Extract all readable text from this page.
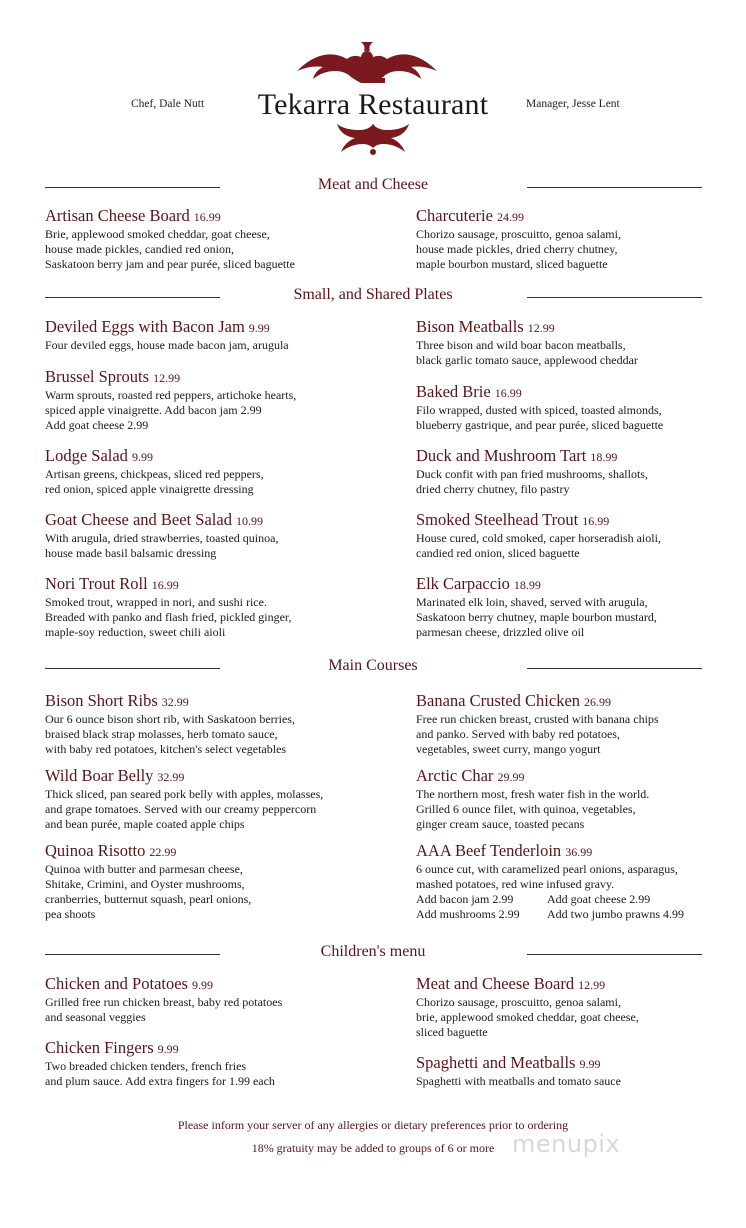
Chef, Dale Nutt	Tekarra Restaurant	Manager, Jesse Lent
Meat and Cheese
Artisan Cheese Board 16.99
Brie, applewood smoked cheddar, goat cheese,
house made pickles, candied red onion,
Saskatoon berry jam and pear purée, sliced baguette
Charcuterie 24.99
Chorizo sausage, proscuitto, genoa salami,
house made pickles, dried cherry chutney,
maple bourbon mustard, sliced baguette
Small, and Shared Plates
Deviled Eggs with Bacon Jam 9.99
Four deviled eggs, house made bacon jam, arugula
Bison Meatballs 12.99
Three bison and wild boar bacon meatballs,
black garlic tomato sauce, applewood cheddar
Brussel Sprouts 12.99
Warm sprouts, roasted red peppers, artichoke hearts,
spiced apple vinaigrette. Add bacon jam 2.99
Add goat cheese 2.99
Baked Brie 16.99
Filo wrapped, dusted with spiced, toasted almonds,
blueberry gastrique, and pear purée, sliced baguette
Lodge Salad 9.99
Artisan greens, chickpeas, sliced red peppers,
red onion, spiced apple vinaigrette dressing
Duck and Mushroom Tart 18.99
Duck confit with pan fried mushrooms, shallots,
dried cherry chutney, filo pastry
Goat Cheese and Beet Salad 10.99
With arugula, dried strawberries, toasted quinoa,
house made basil balsamic dressing
Smoked Steelhead Trout 16.99
House cured, cold smoked, caper horseradish aioli,
candied red onion, sliced baguette
Nori Trout Roll 16.99
Smoked trout, wrapped in nori, and sushi rice.
Breaded with panko and flash fried, pickled ginger,
maple-soy reduction, sweet chili aioli
Elk Carpaccio 18.99
Marinated elk loin, shaved, served with arugula,
Saskatoon berry chutney, maple bourbon mustard,
parmesan cheese, drizzled olive oil
Main Courses
Bison Short Ribs 32.99
Our 6 ounce bison short rib, with Saskatoon berries,
braised black strap molasses, herb tomato sauce,
with baby red potatoes, kitchen's select vegetables
Banana Crusted Chicken 26.99
Free run chicken breast, crusted with banana chips
and panko. Served with baby red potatoes,
vegetables, sweet curry, mango yogurt
Wild Boar Belly 32.99
Thick sliced, pan seared pork belly with apples, molasses,
and grape tomatoes. Served with our creamy peppercorn
and bean purée, maple coated apple chips
Arctic Char 29.99
The northern most, fresh water fish in the world.
Grilled 6 ounce filet, with quinoa, vegetables,
ginger cream sauce, toasted pecans
Quinoa Risotto 22.99
Quinoa with butter and parmesan cheese,
Shitake, Crimini, and Oyster mushrooms,
cranberries, butternut squash, pearl onions,
pea shoots
AAA Beef Tenderloin 36.99
6 ounce cut, with caramelized pearl onions, asparagus,
mashed potatoes, red wine infused gravy.
Add bacon jam 2.99	Add goat cheese 2.99
Add mushrooms 2.99 Add two jumbo prawns 4.99
Children's menu
Chicken and Potatoes 9.99
Grilled free run chicken breast, baby red potatoes
and seasonal veggies
Meat and Cheese Board 12.99
Chorizo sausage, proscuitto, genoa salami,
brie, applewood smoked cheddar, goat cheese,
sliced baguette
Chicken Fingers 9.99
Two breaded chicken tenders, french fries
and plum sauce. Add extra fingers for 1.99 each
Spaghetti and Meatballs 9.99
Spaghetti with meatballs and tomato sauce
Please inform your server of any allergies or dietary preferences prior to ordering
18% gratuity may be added to groups of 6 or more menupix
